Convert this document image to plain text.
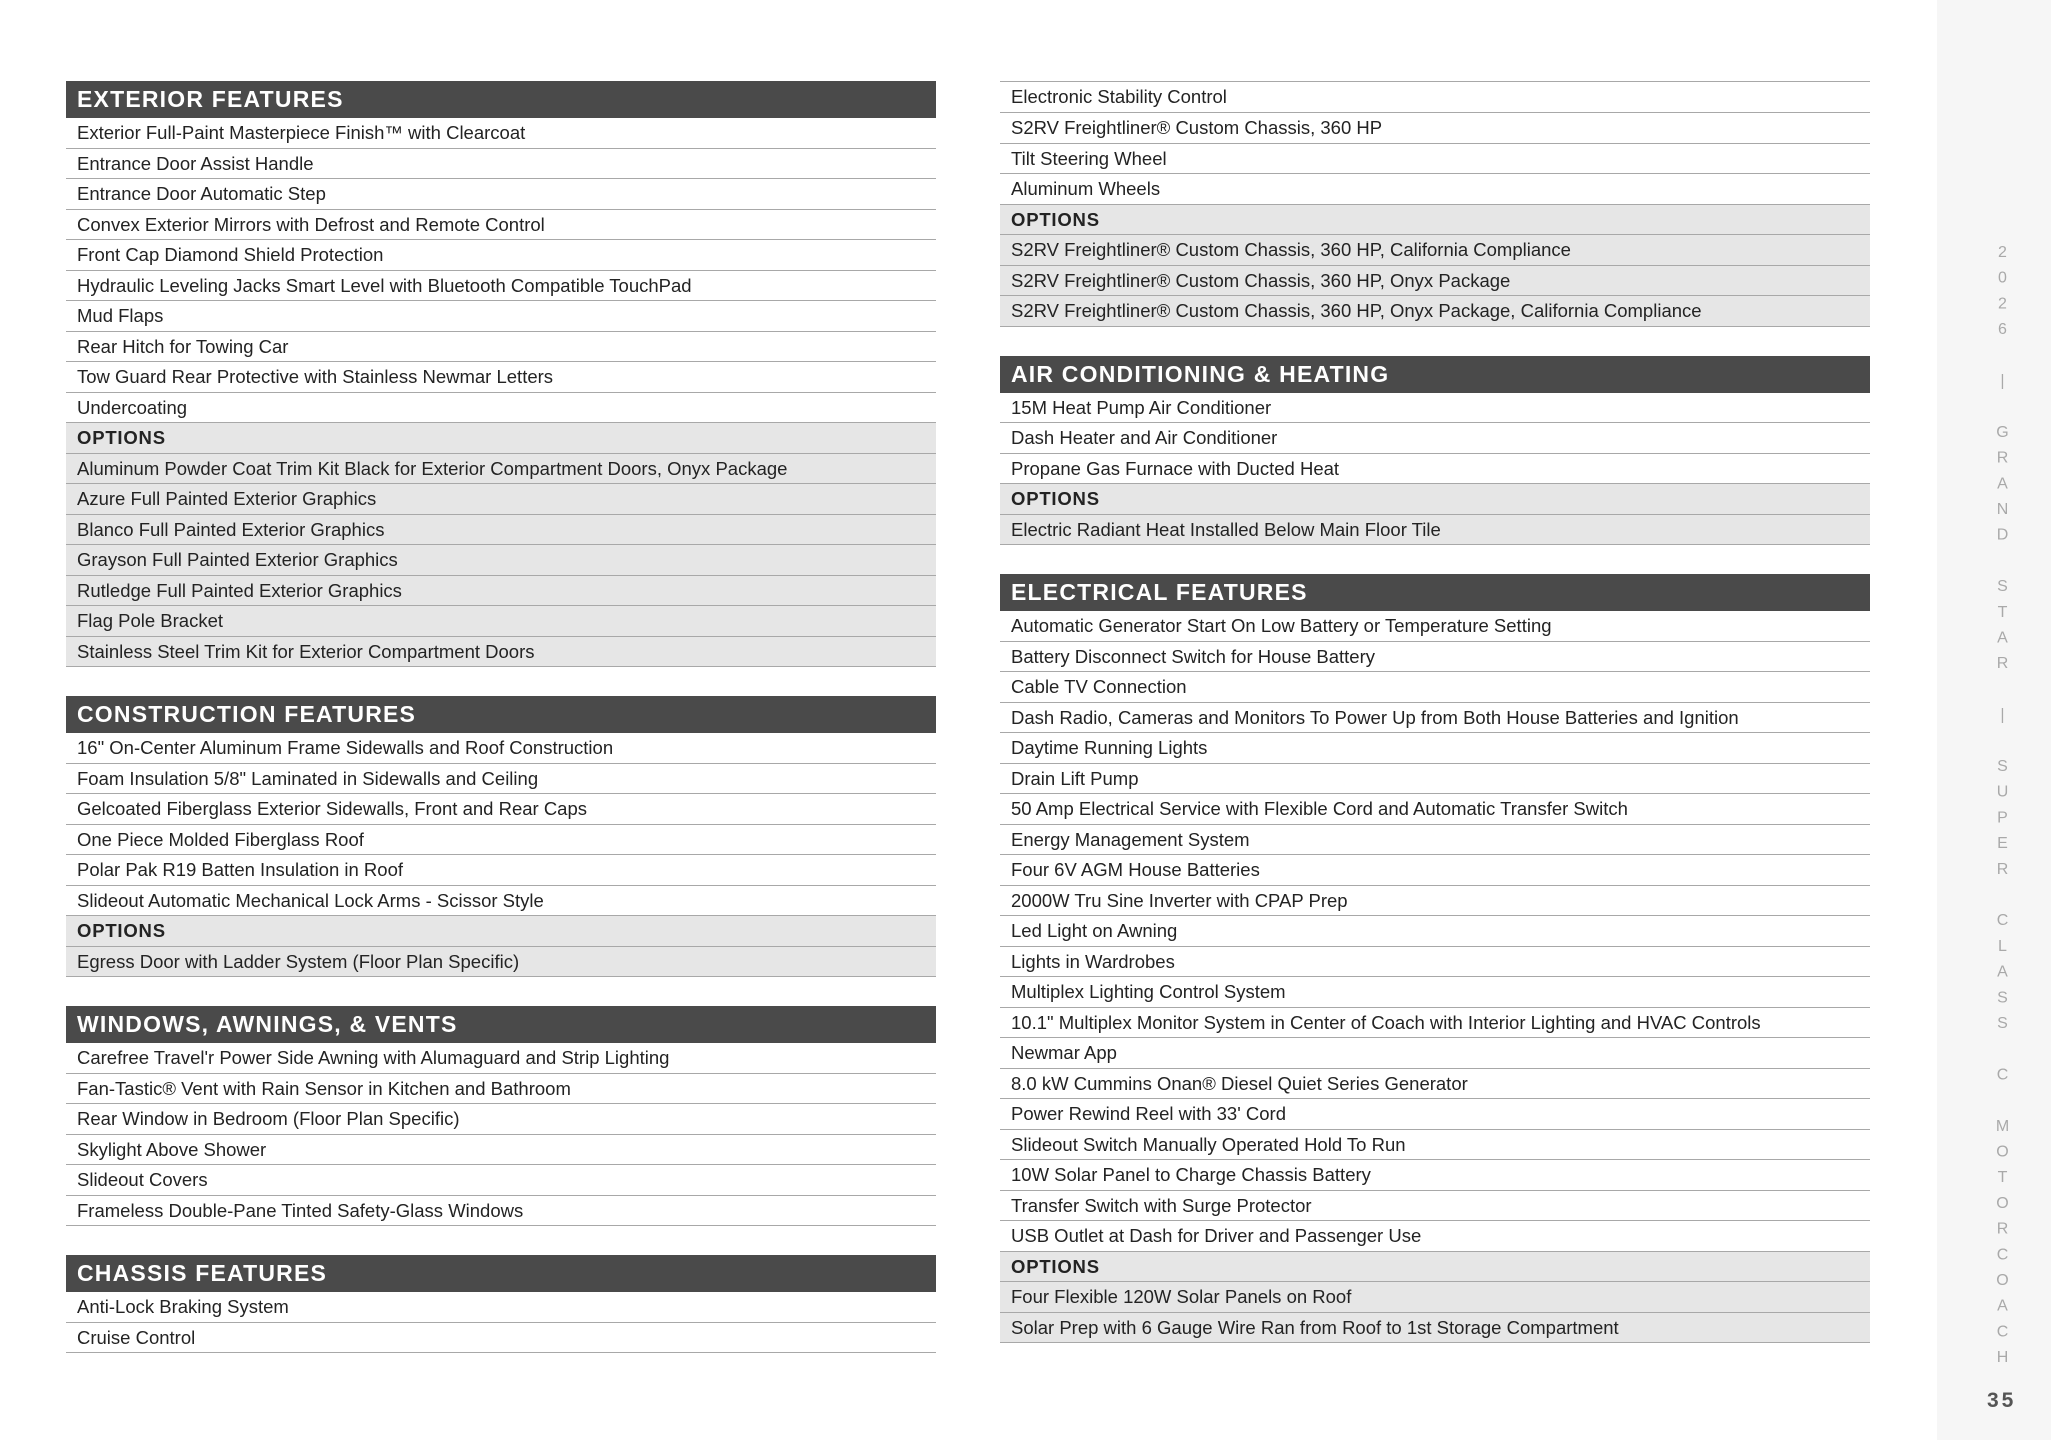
2026 | GRAND STAR | SUPER CLASS C MOTORCOACH
35
EXTERIOR FEATURES
Exterior Full-Paint Masterpiece Finish™ with Clearcoat
Entrance Door Assist Handle
Entrance Door Automatic Step
Convex Exterior Mirrors with Defrost and Remote Control
Front Cap Diamond Shield Protection
Hydraulic Leveling Jacks Smart Level with Bluetooth Compatible TouchPad
Mud Flaps
Rear Hitch for Towing Car
Tow Guard Rear Protective with Stainless Newmar Letters
Undercoating
OPTIONS
Aluminum Powder Coat Trim Kit Black for Exterior Compartment Doors, Onyx Package
Azure Full Painted Exterior Graphics
Blanco Full Painted Exterior Graphics
Grayson Full Painted Exterior Graphics
Rutledge Full Painted Exterior Graphics
Flag Pole Bracket
Stainless Steel Trim Kit for Exterior Compartment Doors
CONSTRUCTION FEATURES
16" On-Center Aluminum Frame Sidewalls and Roof Construction
Foam Insulation 5/8" Laminated in Sidewalls and Ceiling
Gelcoated Fiberglass Exterior Sidewalls, Front and Rear Caps
One Piece Molded Fiberglass Roof
Polar Pak R19 Batten Insulation in Roof
Slideout Automatic Mechanical Lock Arms - Scissor Style
OPTIONS
Egress Door with Ladder System (Floor Plan Specific)
WINDOWS, AWNINGS, & VENTS
Carefree Travel'r Power Side Awning with Alumaguard and Strip Lighting
Fan-Tastic® Vent with Rain Sensor in Kitchen and Bathroom
Rear Window in Bedroom (Floor Plan Specific)
Skylight Above Shower
Slideout Covers
Frameless Double-Pane Tinted Safety-Glass Windows
CHASSIS FEATURES
Anti-Lock Braking System
Cruise Control
Electronic Stability Control
S2RV Freightliner® Custom Chassis, 360 HP
Tilt Steering Wheel
Aluminum Wheels
OPTIONS
S2RV Freightliner® Custom Chassis, 360 HP, California Compliance
S2RV Freightliner® Custom Chassis, 360 HP, Onyx Package
S2RV Freightliner® Custom Chassis, 360 HP, Onyx Package, California Compliance
AIR CONDITIONING & HEATING
15M Heat Pump Air Conditioner
Dash Heater and Air Conditioner
Propane Gas Furnace with Ducted Heat
OPTIONS
Electric Radiant Heat Installed Below Main Floor Tile
ELECTRICAL FEATURES
Automatic Generator Start On Low Battery or Temperature Setting
Battery Disconnect Switch for House Battery
Cable TV Connection
Dash Radio, Cameras and Monitors To Power Up from Both House Batteries and Ignition
Daytime Running Lights
Drain Lift Pump
50 Amp Electrical Service with Flexible Cord and Automatic Transfer Switch
Energy Management System
Four 6V AGM House Batteries
2000W Tru Sine Inverter with CPAP Prep
Led Light on Awning
Lights in Wardrobes
Multiplex Lighting Control System
10.1" Multiplex Monitor System in Center of Coach with Interior Lighting and HVAC Controls
Newmar App
8.0 kW Cummins Onan® Diesel Quiet Series Generator
Power Rewind Reel with 33' Cord
Slideout Switch Manually Operated Hold To Run
10W Solar Panel to Charge Chassis Battery
Transfer Switch with Surge Protector
USB Outlet at Dash for Driver and Passenger Use
OPTIONS
Four Flexible 120W Solar Panels on Roof
Solar Prep with 6 Gauge Wire Ran from Roof to 1st Storage Compartment
